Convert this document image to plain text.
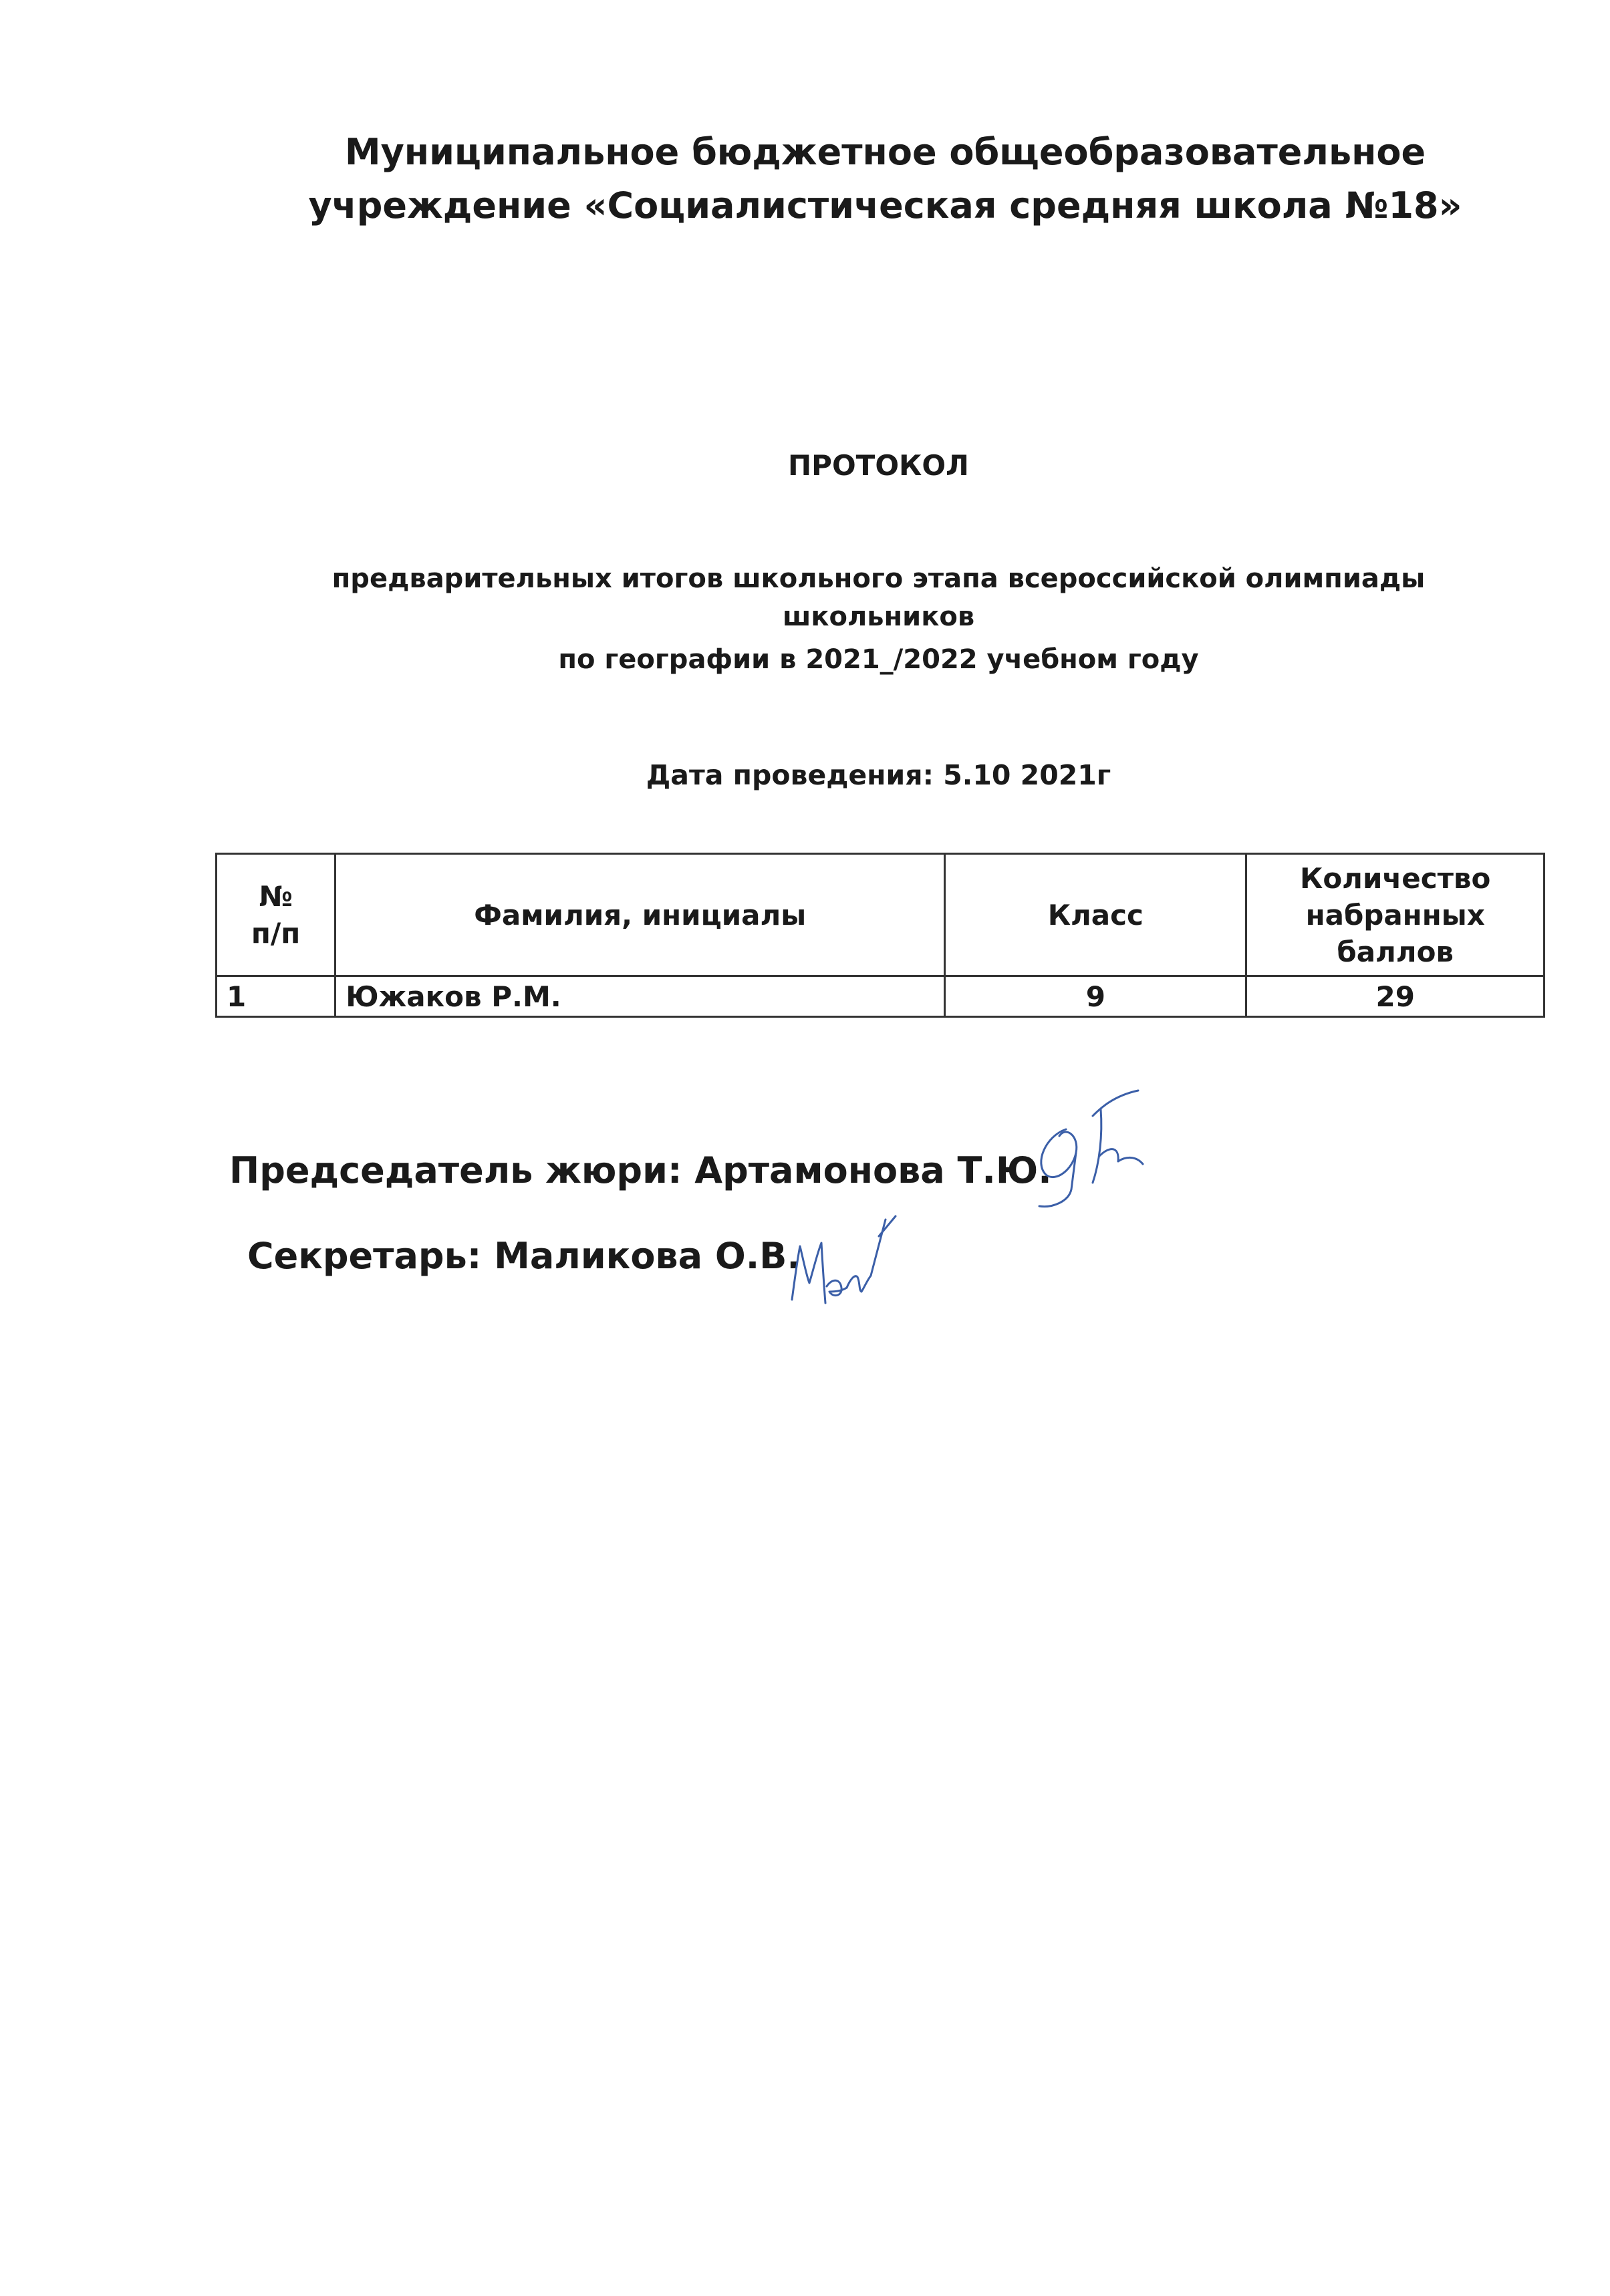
Муниципальное бюджетное общеобразовательное
учреждение «Социалистическая средняя школа №18»
ПРОТОКОЛ
предварительных итогов школьного этапа всероссийской олимпиады
школьников
по географии в 2021_/2022 учебном году
Дата проведения: 5.10 2021г
№
п/п	Фамилия, инициалы	Класс	Количество
набранных
баллов
1	Южаков Р.М.	9	29
Председатель жюри: Артамонова Т.Ю.
Секретарь: Маликова О.В.
